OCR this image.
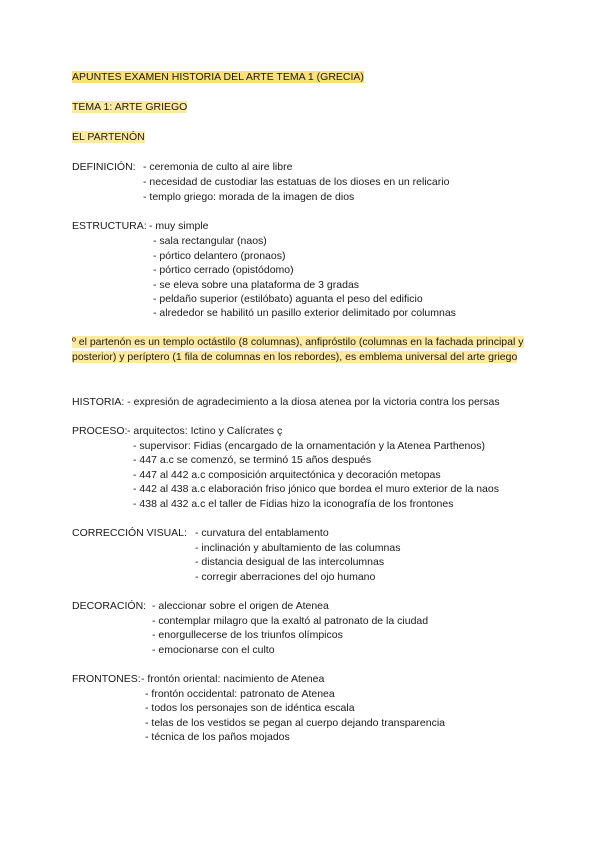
APUNTES EXAMEN HISTORIA DEL ARTE TEMA 1 (GRECIA)
TEMA 1: ARTE GRIEGO
EL PARTENÓN
DEFINICIÓN: - ceremonia de culto al aire libre
- necesidad de custodiar las estatuas de los dioses en un relicario
- templo griego: morada de la imagen de dios
ESTRUCTURA: - muy simple
- sala rectangular (naos)
- pórtico delantero (pronaos)
- pórtico cerrado (opistódomo)
- se eleva sobre una plataforma de 3 gradas
- peldaño superior (estilóbato) aguanta el peso del edificio
- alrededor se habilitó un pasillo exterior delimitado por columnas
º el partenón es un templo octástilo (8 columnas), anfipróstilo (columnas en la fachada principal y posterior) y períptero (1 fila de columnas en los rebordes), es emblema universal del arte griego
HISTORIA: - expresión de agradecimiento a la diosa atenea por la victoria contra los persas
PROCESO: - arquitectos: Ictino y Calícrates ç
- supervisor: Fidias (encargado de la ornamentación y la Atenea Parthenos)
- 447 a.c se comenzó, se terminó 15 años después
- 447 al 442 a.c composición arquitectónica y decoración metopas
- 442 al 438 a.c elaboración friso jónico que bordea el muro exterior de la naos
- 438 al 432 a.c el taller de Fidias hizo la iconografía de los frontones
CORRECCIÓN VISUAL: - curvatura del entablamento
- inclinación y abultamiento de las columnas
- distancia desigual de las intercolumnas
- corregir aberraciones del ojo humano
DECORACIÓN: - aleccionar sobre el origen de Atenea
- contemplar milagro que la exaltó al patronato de la ciudad
- enorgullecerse de los triunfos olímpicos
- emocionarse con el culto
FRONTONES: - frontón oriental: nacimiento de Atenea
- frontón occidental: patronato de Atenea
- todos los personajes son de idéntica escala
- telas de los vestidos se pegan al cuerpo dejando transparencia
- técnica de los paños mojados
